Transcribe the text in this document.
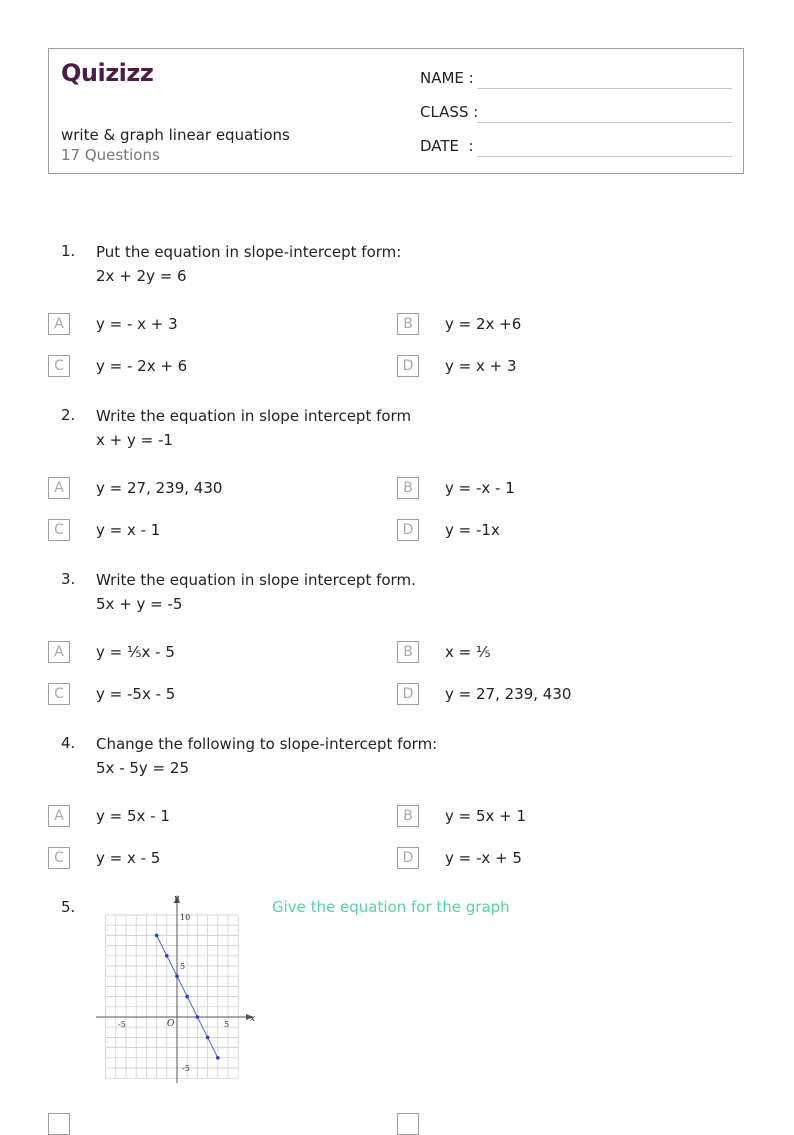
Quizizz
write & graph linear equations
17 Questions
NAME :
CLASS :
DATE  :
1. Put the equation in slope-intercept form:
2x + 2y = 6
A	y = - x + 3	B	y = 2x +6
C	y = - 2x + 6	D	y = x + 3
2. Write the equation in slope intercept form
x + y = -1
A	y = 27, 239, 430	B	y = -x - 1
C	y = x - 1	D	y = -1x
3. Write the equation in slope intercept form.
5x + y = -5
A	y = ⅕x - 5	B	x = ⅕
C	y = -5x - 5	D	y = 27, 239, 430
4. Change the following to slope-intercept form:
5x - 5y = 25
A	y = 5x - 1	B	y = 5x + 1
C	y = x - 5	D	y = -x + 5
5.	Give the equation for the graph
x
y
O
10
5
-5
-5	5
